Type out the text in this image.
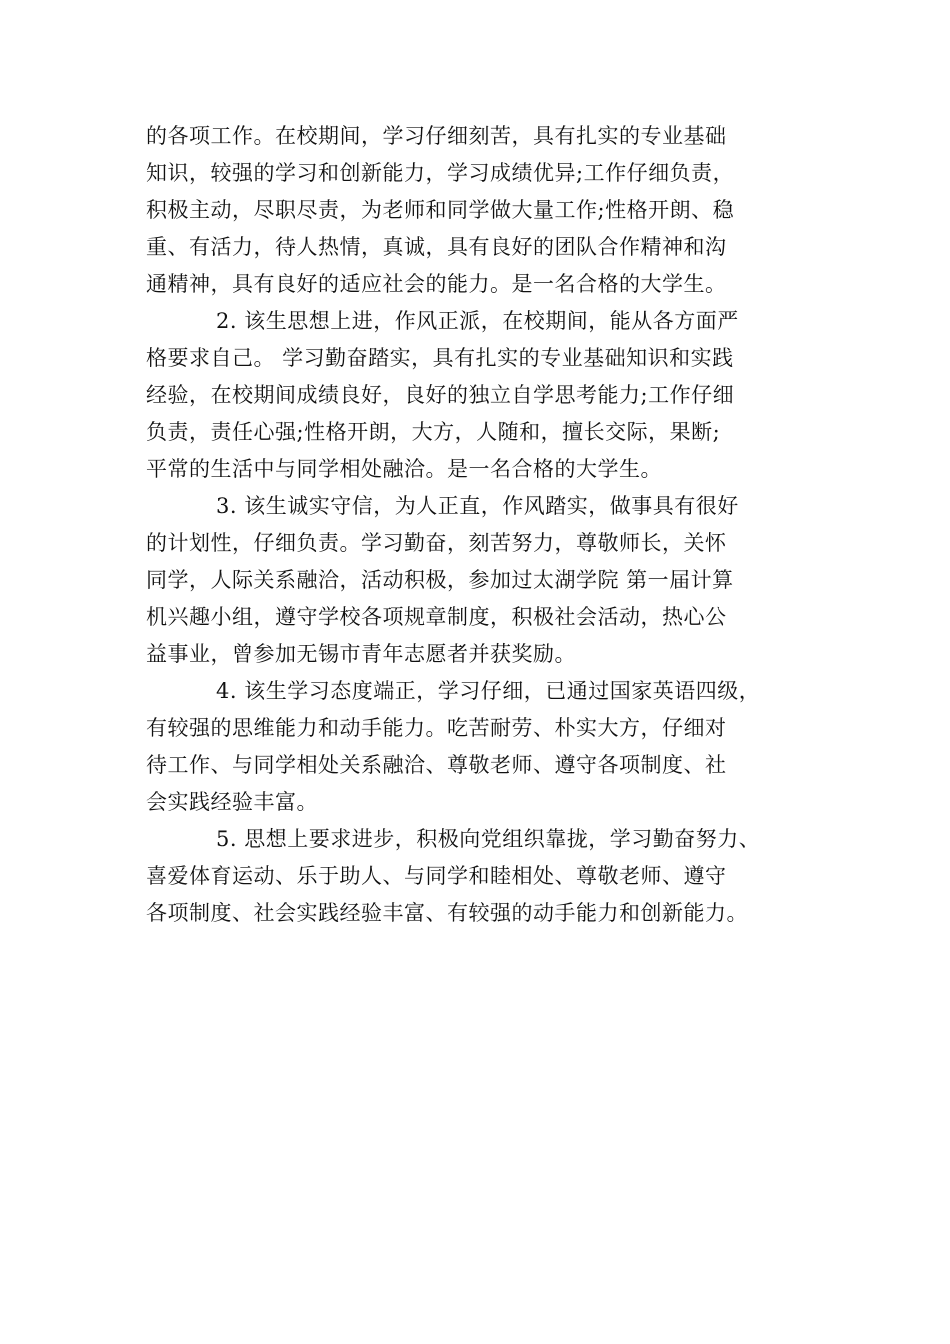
的各项工作。在校期间，学习仔细刻苦，具有扎实的专业基础
知识，较强的学习和创新能力，学习成绩优异;工作仔细负责，
积极主动，尽职尽责，为老师和同学做大量工作;性格开朗、稳
重、有活力，待人热情，真诚，具有良好的团队合作精神和沟
通精神，具有良好的适应社会的能力。是一名合格的大学生。
2. 该生思想上进，作风正派，在校期间，能从各方面严
格要求自己。 学习勤奋踏实，具有扎实的专业基础知识和实践
经验，在校期间成绩良好，良好的独立自学思考能力;工作仔细
负责，责任心强;性格开朗，大方，人随和，擅长交际，果断;
平常的生活中与同学相处融洽。是一名合格的大学生。
3. 该生诚实守信，为人正直，作风踏实，做事具有很好
的计划性，仔细负责。学习勤奋，刻苦努力，尊敬师长，关怀
同学，人际关系融洽，活动积极，参加过太湖学院 第一届计算
机兴趣小组，遵守学校各项规章制度，积极社会活动，热心公
益事业，曾参加无锡市青年志愿者并获奖励。
4. 该生学习态度端正，学习仔细，已通过国家英语四级，
有较强的思维能力和动手能力。吃苦耐劳、朴实大方，仔细对
待工作、与同学相处关系融洽、尊敬老师、遵守各项制度、社
会实践经验丰富。
5. 思想上要求进步，积极向党组织靠拢，学习勤奋努力、
喜爱体育运动、乐于助人、与同学和睦相处、尊敬老师、遵守
各项制度、社会实践经验丰富、有较强的动手能力和创新能力。
